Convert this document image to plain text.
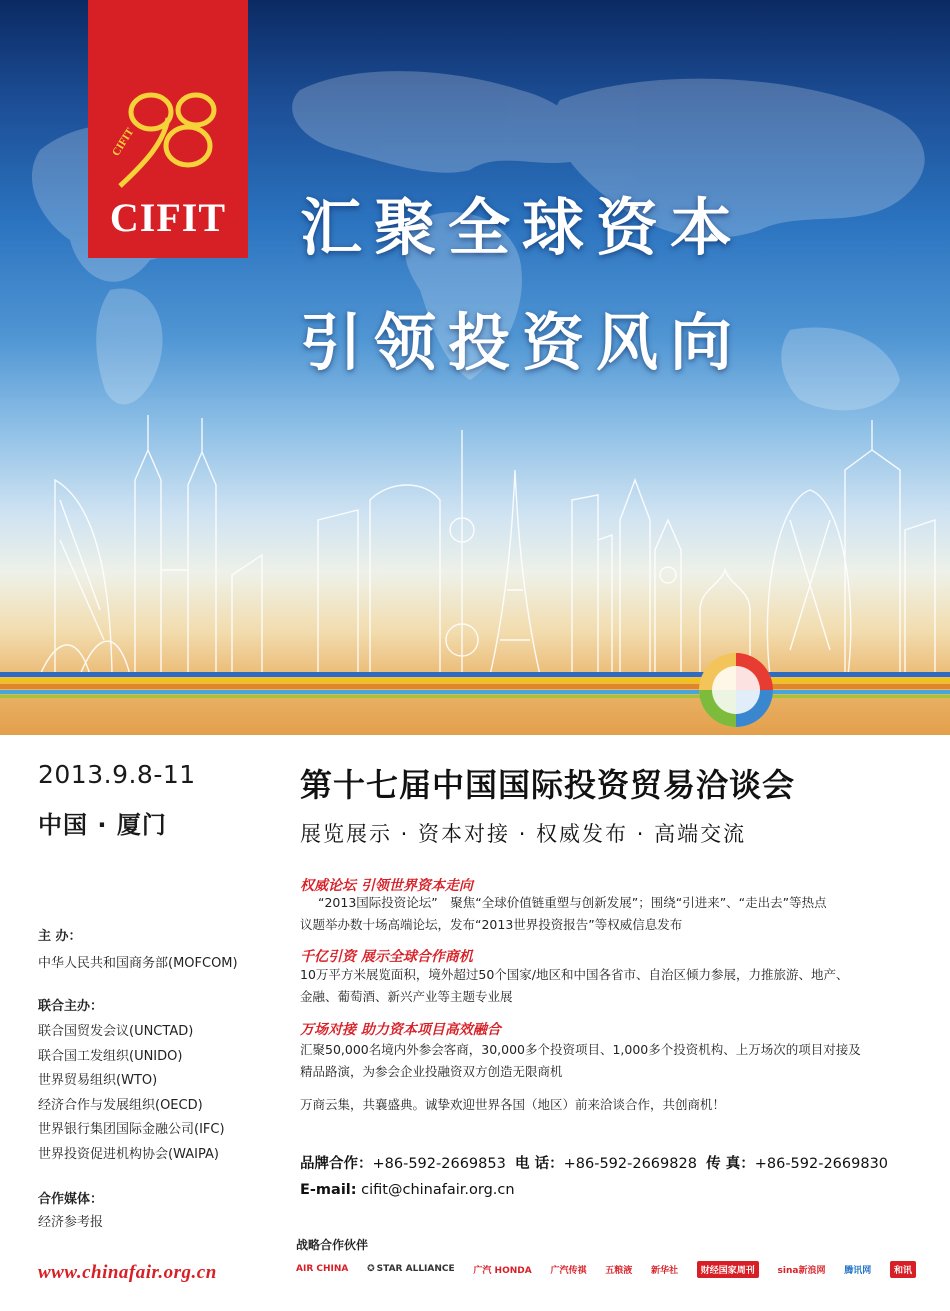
CIFIT
CIFIT	汇聚全球资本
引领投资风向
2013.9.8-11
中国 · 厦门
主 办：
中华人民共和国商务部(MOFCOM)
联合主办：
联合国贸发会议(UNCTAD)
联合国工发组织(UNIDO)
世界贸易组织(WTO)
经济合作与发展组织(OECD)
世界银行集团国际金融公司(IFC)
世界投资促进机构协会(WAIPA)
合作媒体：
经济参考报
www.chinafair.org.cn
第十七届中国国际投资贸易洽谈会
展览展示 · 资本对接 · 权威发布 · 高端交流
权威论坛 引领世界资本走向
“2013国际投资论坛”　聚焦“全球价值链重塑与创新发展”；围绕“引进来”、“走出去”等热点
议题举办数十场高端论坛，发布“2013世界投资报告”等权威信息发布
千亿引资 展示全球合作商机
10万平方米展览面积，境外超过50个国家/地区和中国各省市、自治区倾力参展，力推旅游、地产、
金融、葡萄酒、新兴产业等主题专业展
万场对接 助力资本项目高效融合
汇聚50,000名境内外参会客商，30,000多个投资项目、1,000多个投资机构、上万场次的项目对接及
精品路演，为参会企业投融资双方创造无限商机
万商云集，共襄盛典。诚挚欢迎世界各国（地区）前来洽谈合作，共创商机！
品牌合作：+86-592-2669853 电 话：+86-592-2669828 传 真：+86-592-2669830
E-mail: cifit@chinafair.org.cn
战略合作伙伴
AIR CHINA ✪ STAR ALLIANCE 广汽 HONDA 广汽传祺 五粮液 新华社	财经国家周刊	sina新浪网 腾讯网	和讯
